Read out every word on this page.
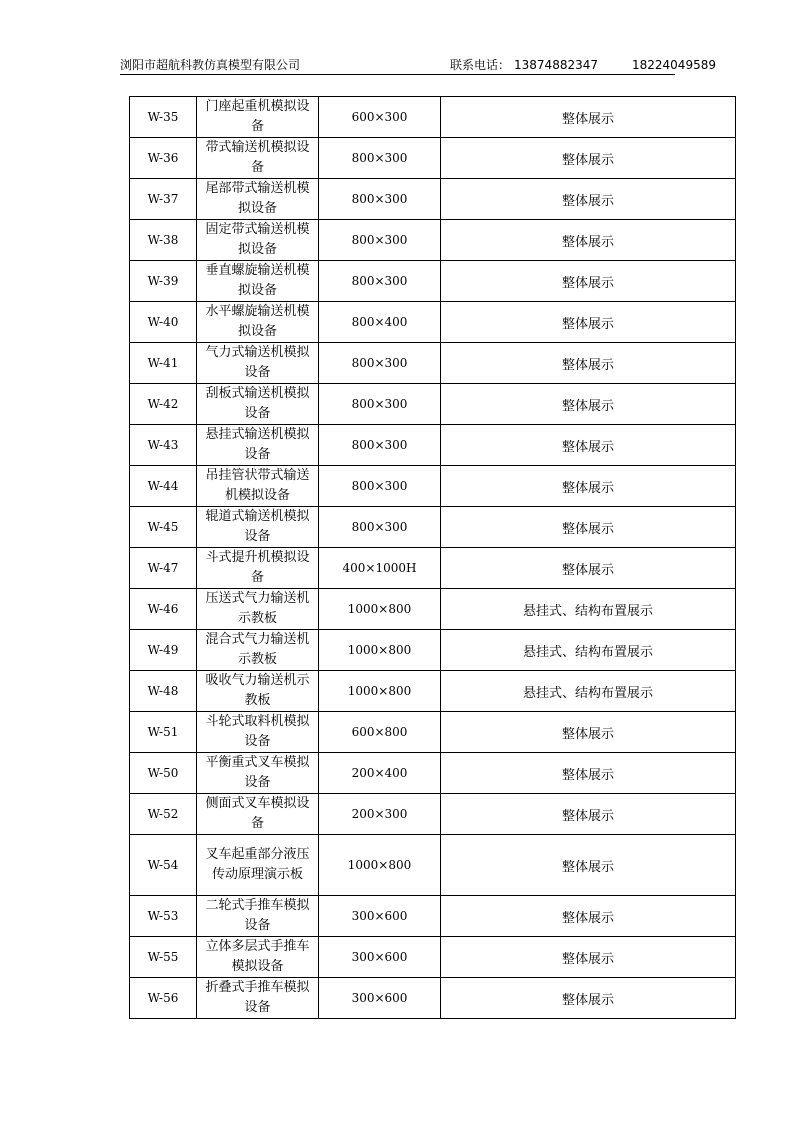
浏阳市超航科教仿真模型有限公司	联系电话： 13874882347	18224049589
W-35	门座起重机模拟设备	600×300	整体展示
W-36	带式输送机模拟设备	800×300	整体展示
W-37	尾部带式输送机模拟设备	800×300	整体展示
W-38	固定带式输送机模拟设备	800×300	整体展示
W-39	垂直螺旋输送机模拟设备	800×300	整体展示
W-40	水平螺旋输送机模拟设备	800×400	整体展示
W-41	气力式输送机模拟设备	800×300	整体展示
W-42	刮板式输送机模拟设备	800×300	整体展示
W-43	悬挂式输送机模拟设备	800×300	整体展示
W-44	吊挂管状带式输送机模拟设备	800×300	整体展示
W-45	辊道式输送机模拟设备	800×300	整体展示
W-47	斗式提升机模拟设备	400×1000H	整体展示
W-46	压送式气力输送机示教板	1000×800	悬挂式、结构布置展示
W-49	混合式气力输送机示教板	1000×800	悬挂式、结构布置展示
W-48	吸收气力输送机示教板	1000×800	悬挂式、结构布置展示
W-51	斗轮式取料机模拟设备	600×800	整体展示
W-50	平衡重式叉车模拟设备	200×400	整体展示
W-52	侧面式叉车模拟设备	200×300	整体展示
W-54	叉车起重部分液压传动原理演示板	1000×800	整体展示
W-53	二轮式手推车模拟设备	300×600	整体展示
W-55	立体多层式手推车模拟设备	300×600	整体展示
W-56	折叠式手推车模拟设备	300×600	整体展示
